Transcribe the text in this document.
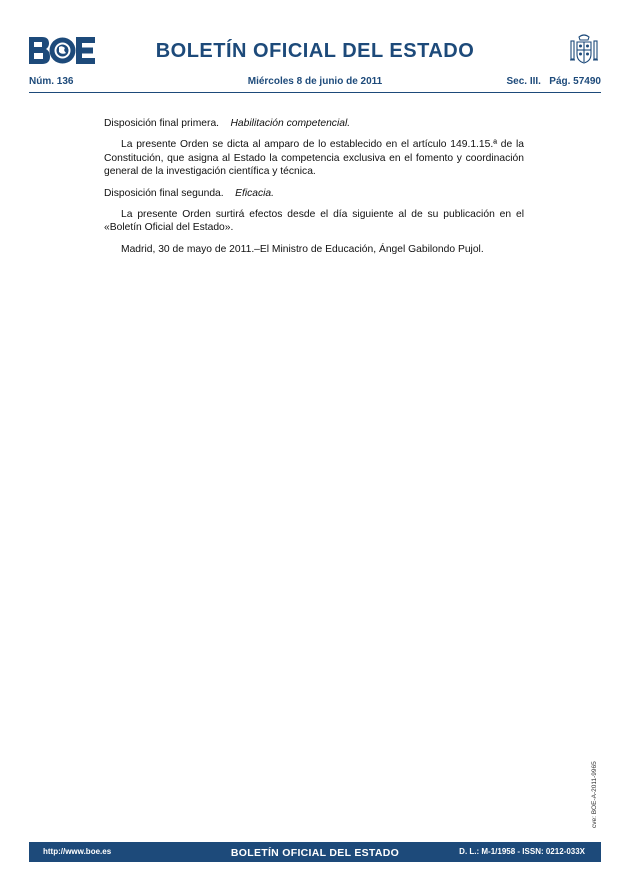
BOLETÍN OFICIAL DEL ESTADO
Núm. 136	Miércoles 8 de junio de 2011	Sec. III.   Pág. 57490

Disposición final primera. Habilitación competencial.

La presente Orden se dicta al amparo de lo establecido en el artículo 149.1.15.ª de la Constitución, que asigna al Estado la competencia exclusiva en el fomento y coordinación general de la investigación científica y técnica.

Disposición final segunda. Eficacia.

La presente Orden surtirá efectos desde el día siguiente al de su publicación en el «Boletín Oficial del Estado».

Madrid, 30 de mayo de 2011.–El Ministro de Educación, Ángel Gabilondo Pujol.

cve: BOE-A-2011-9965
http://www.boe.es	BOLETÍN OFICIAL DEL ESTADO	D. L.: M-1/1958 - ISSN: 0212-033X
